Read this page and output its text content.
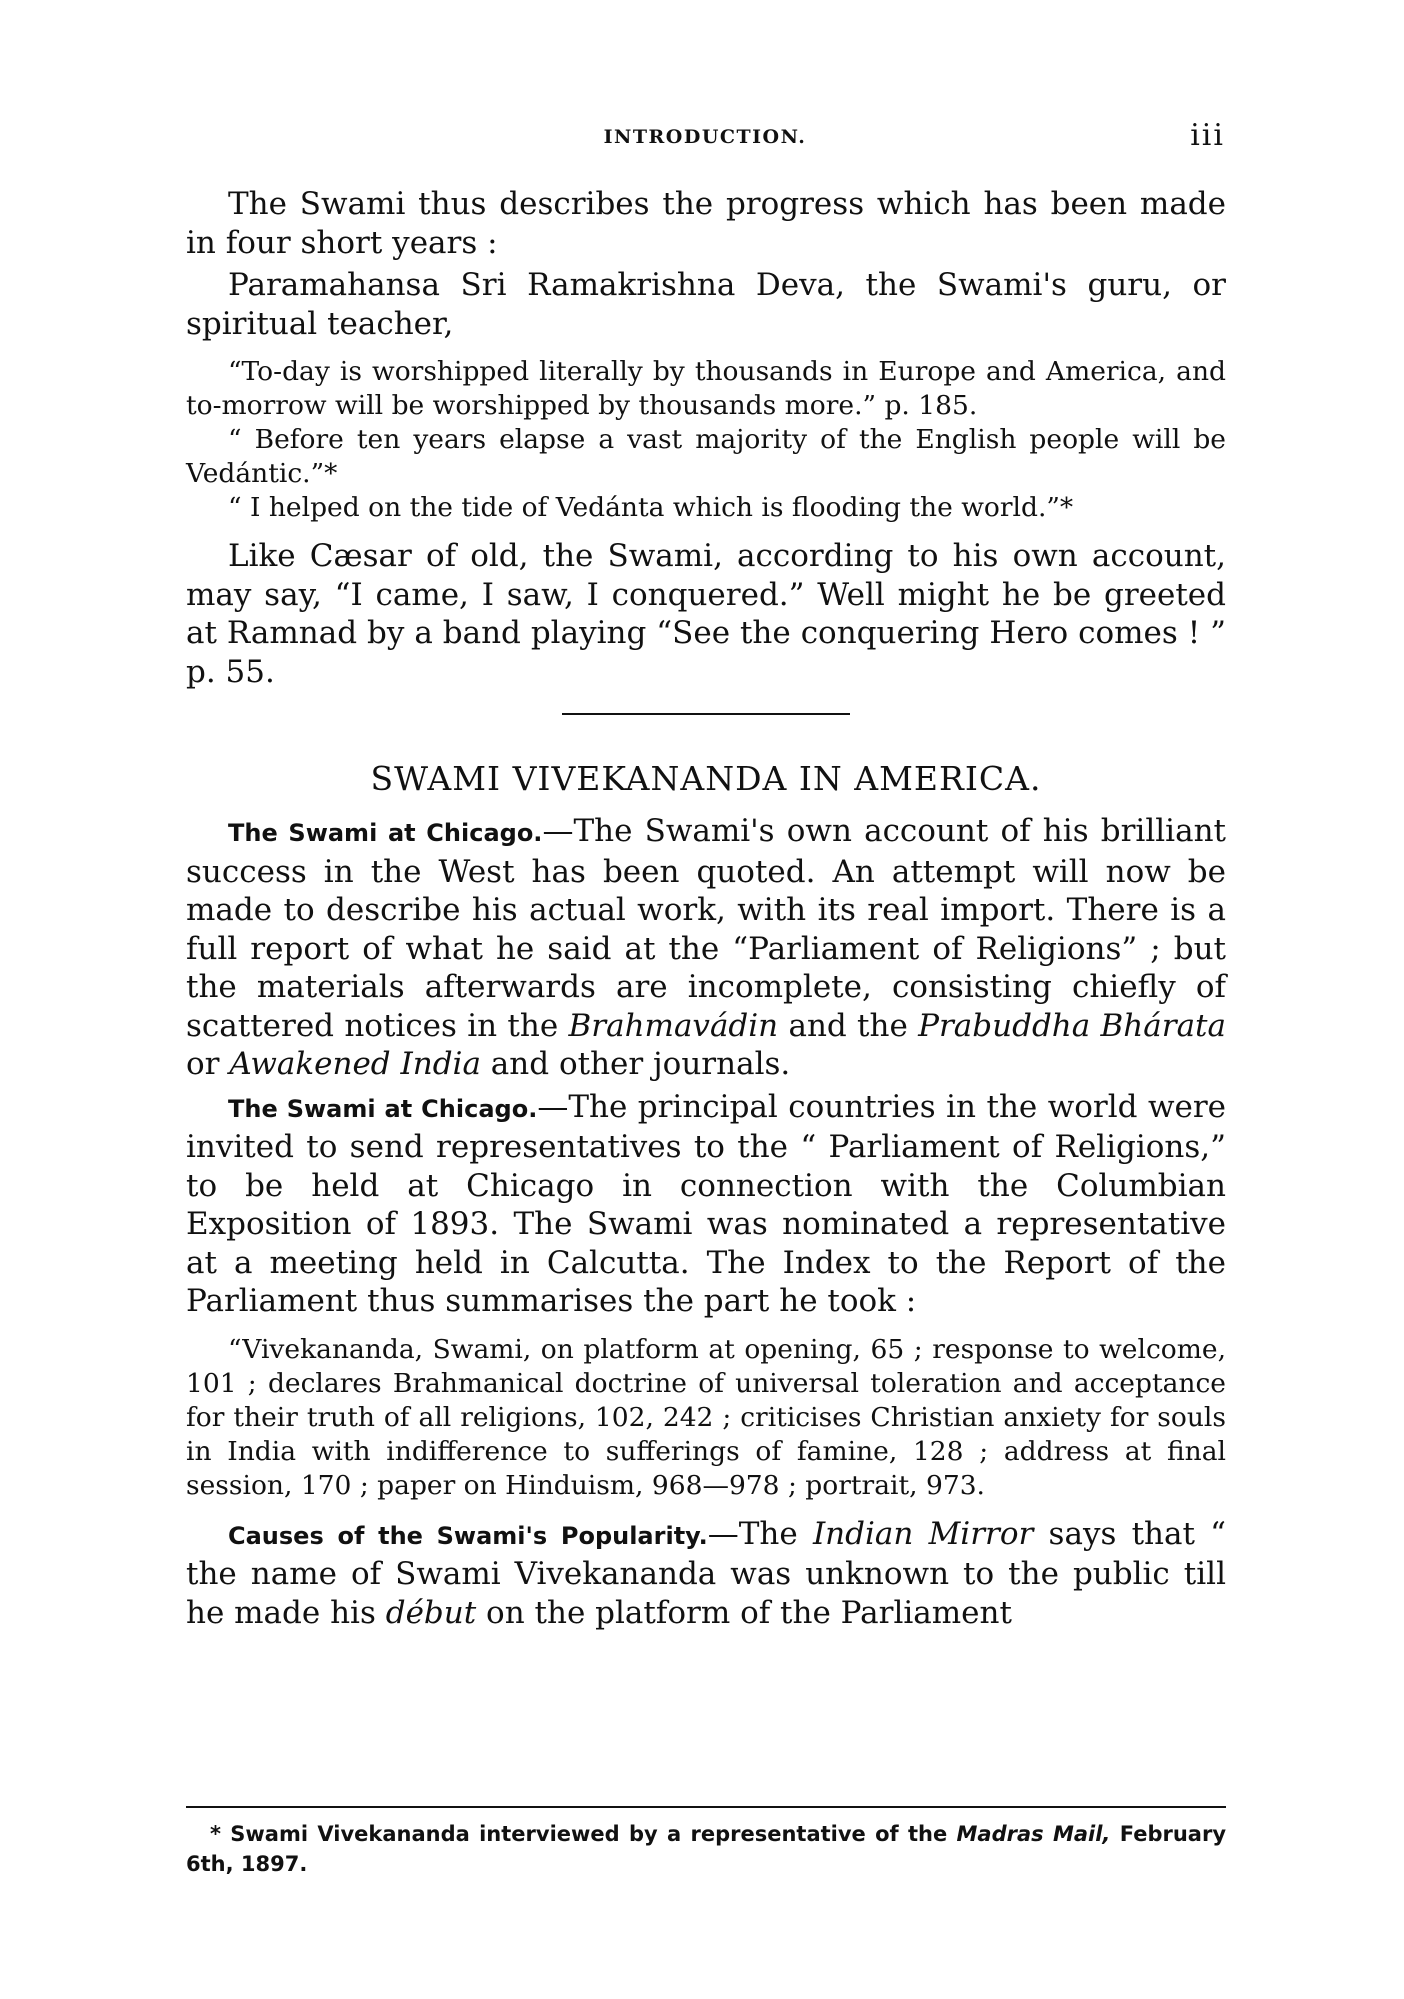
INTRODUCTION.	iii

The Swami thus describes the progress which has been made in four short years :

Paramahansa Sri Ramakrishna Deva, the Swami's guru, or spiritual teacher,

“To-day is worshipped literally by thousands in Europe and America, and to-morrow will be worshipped by thousands more.” p. 185.

“ Before ten years elapse a vast majority of the English people will be Vedántic.”*

“ I helped on the tide of Vedánta which is flooding the world.”*

Like Cæsar of old, the Swami, according to his own account, may say, “I came, I saw, I conquered.” Well might he be greeted at Ramnad by a band playing “See the conquering Hero comes ! ” p. 55.

SWAMI VIVEKANANDA IN AMERICA.

The Swami at Chicago.—The Swami's own account of his brilliant success in the West has been quoted. An attempt will now be made to describe his actual work, with its real import. There is a full report of what he said at the “Parliament of Religions” ; but the materials afterwards are incomplete, consisting chiefly of scattered notices in the Brahmavádin and the Prabuddha Bhárata or Awakened India and other journals.

The Swami at Chicago.—The principal countries in the world were invited to send representatives to the “ Parliament of Religions,” to be held at Chicago in connection with the Columbian Exposition of 1893. The Swami was nominated a representative at a meeting held in Calcutta. The Index to the Report of the Parliament thus summarises the part he took :

“Vivekananda, Swami, on platform at opening, 65 ; response to welcome, 101 ; declares Brahmanical doctrine of universal toleration and acceptance for their truth of all religions, 102, 242 ; criticises Christian anxiety for souls in India with indifference to sufferings of famine, 128 ; address at final session, 170 ; paper on Hinduism, 968—978 ; portrait, 973.

Causes of the Swami's Popularity.—The Indian Mirror says that “ the name of Swami Vivekananda was unknown to the public till he made his début on the platform of the Parliament

* Swami Vivekananda interviewed by a representative of the Madras Mail, February 6th, 1897.
